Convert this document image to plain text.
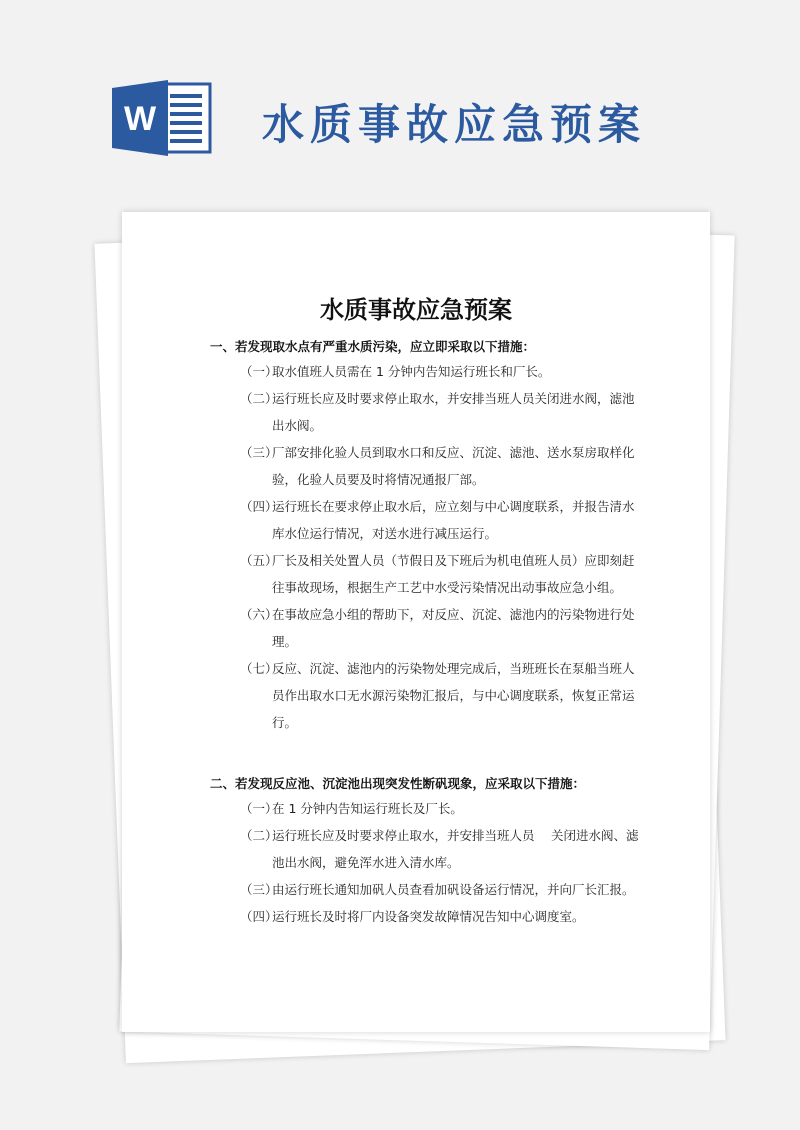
W	水质事故应急预案
水质事故应急预案
一、若发现取水点有严重水质污染，应立即采取以下措施：
（一）取水值班人员需在 1 分钟内告知运行班长和厂长。
（二）运行班长应及时要求停止取水，并安排当班人员关闭进水阀，滤池
出水阀。
（三）厂部安排化验人员到取水口和反应、沉淀、滤池、送水泵房取样化
验，化验人员要及时将情况通报厂部。
（四）运行班长在要求停止取水后，应立刻与中心调度联系，并报告清水
库水位运行情况，对送水进行减压运行。
（五）厂长及相关处置人员（节假日及下班后为机电值班人员）应即刻赶
往事故现场，根据生产工艺中水受污染情况出动事故应急小组。
（六）在事故应急小组的帮助下，对反应、沉淀、滤池内的污染物进行处
理。
（七）反应、沉淀、滤池内的污染物处理完成后，当班班长在泵船当班人
员作出取水口无水源污染物汇报后，与中心调度联系，恢复正常运
行。
二、若发现反应池、沉淀池出现突发性断矾现象，应采取以下措施：
（一）在 1 分钟内告知运行班长及厂长。
（二）运行班长应及时要求停止取水，并安排当班人员　 关闭进水阀、滤
池出水阀，避免浑水进入清水库。
（三）由运行班长通知加矾人员查看加矾设备运行情况，并向厂长汇报。
（四）运行班长及时将厂内设备突发故障情况告知中心调度室。
